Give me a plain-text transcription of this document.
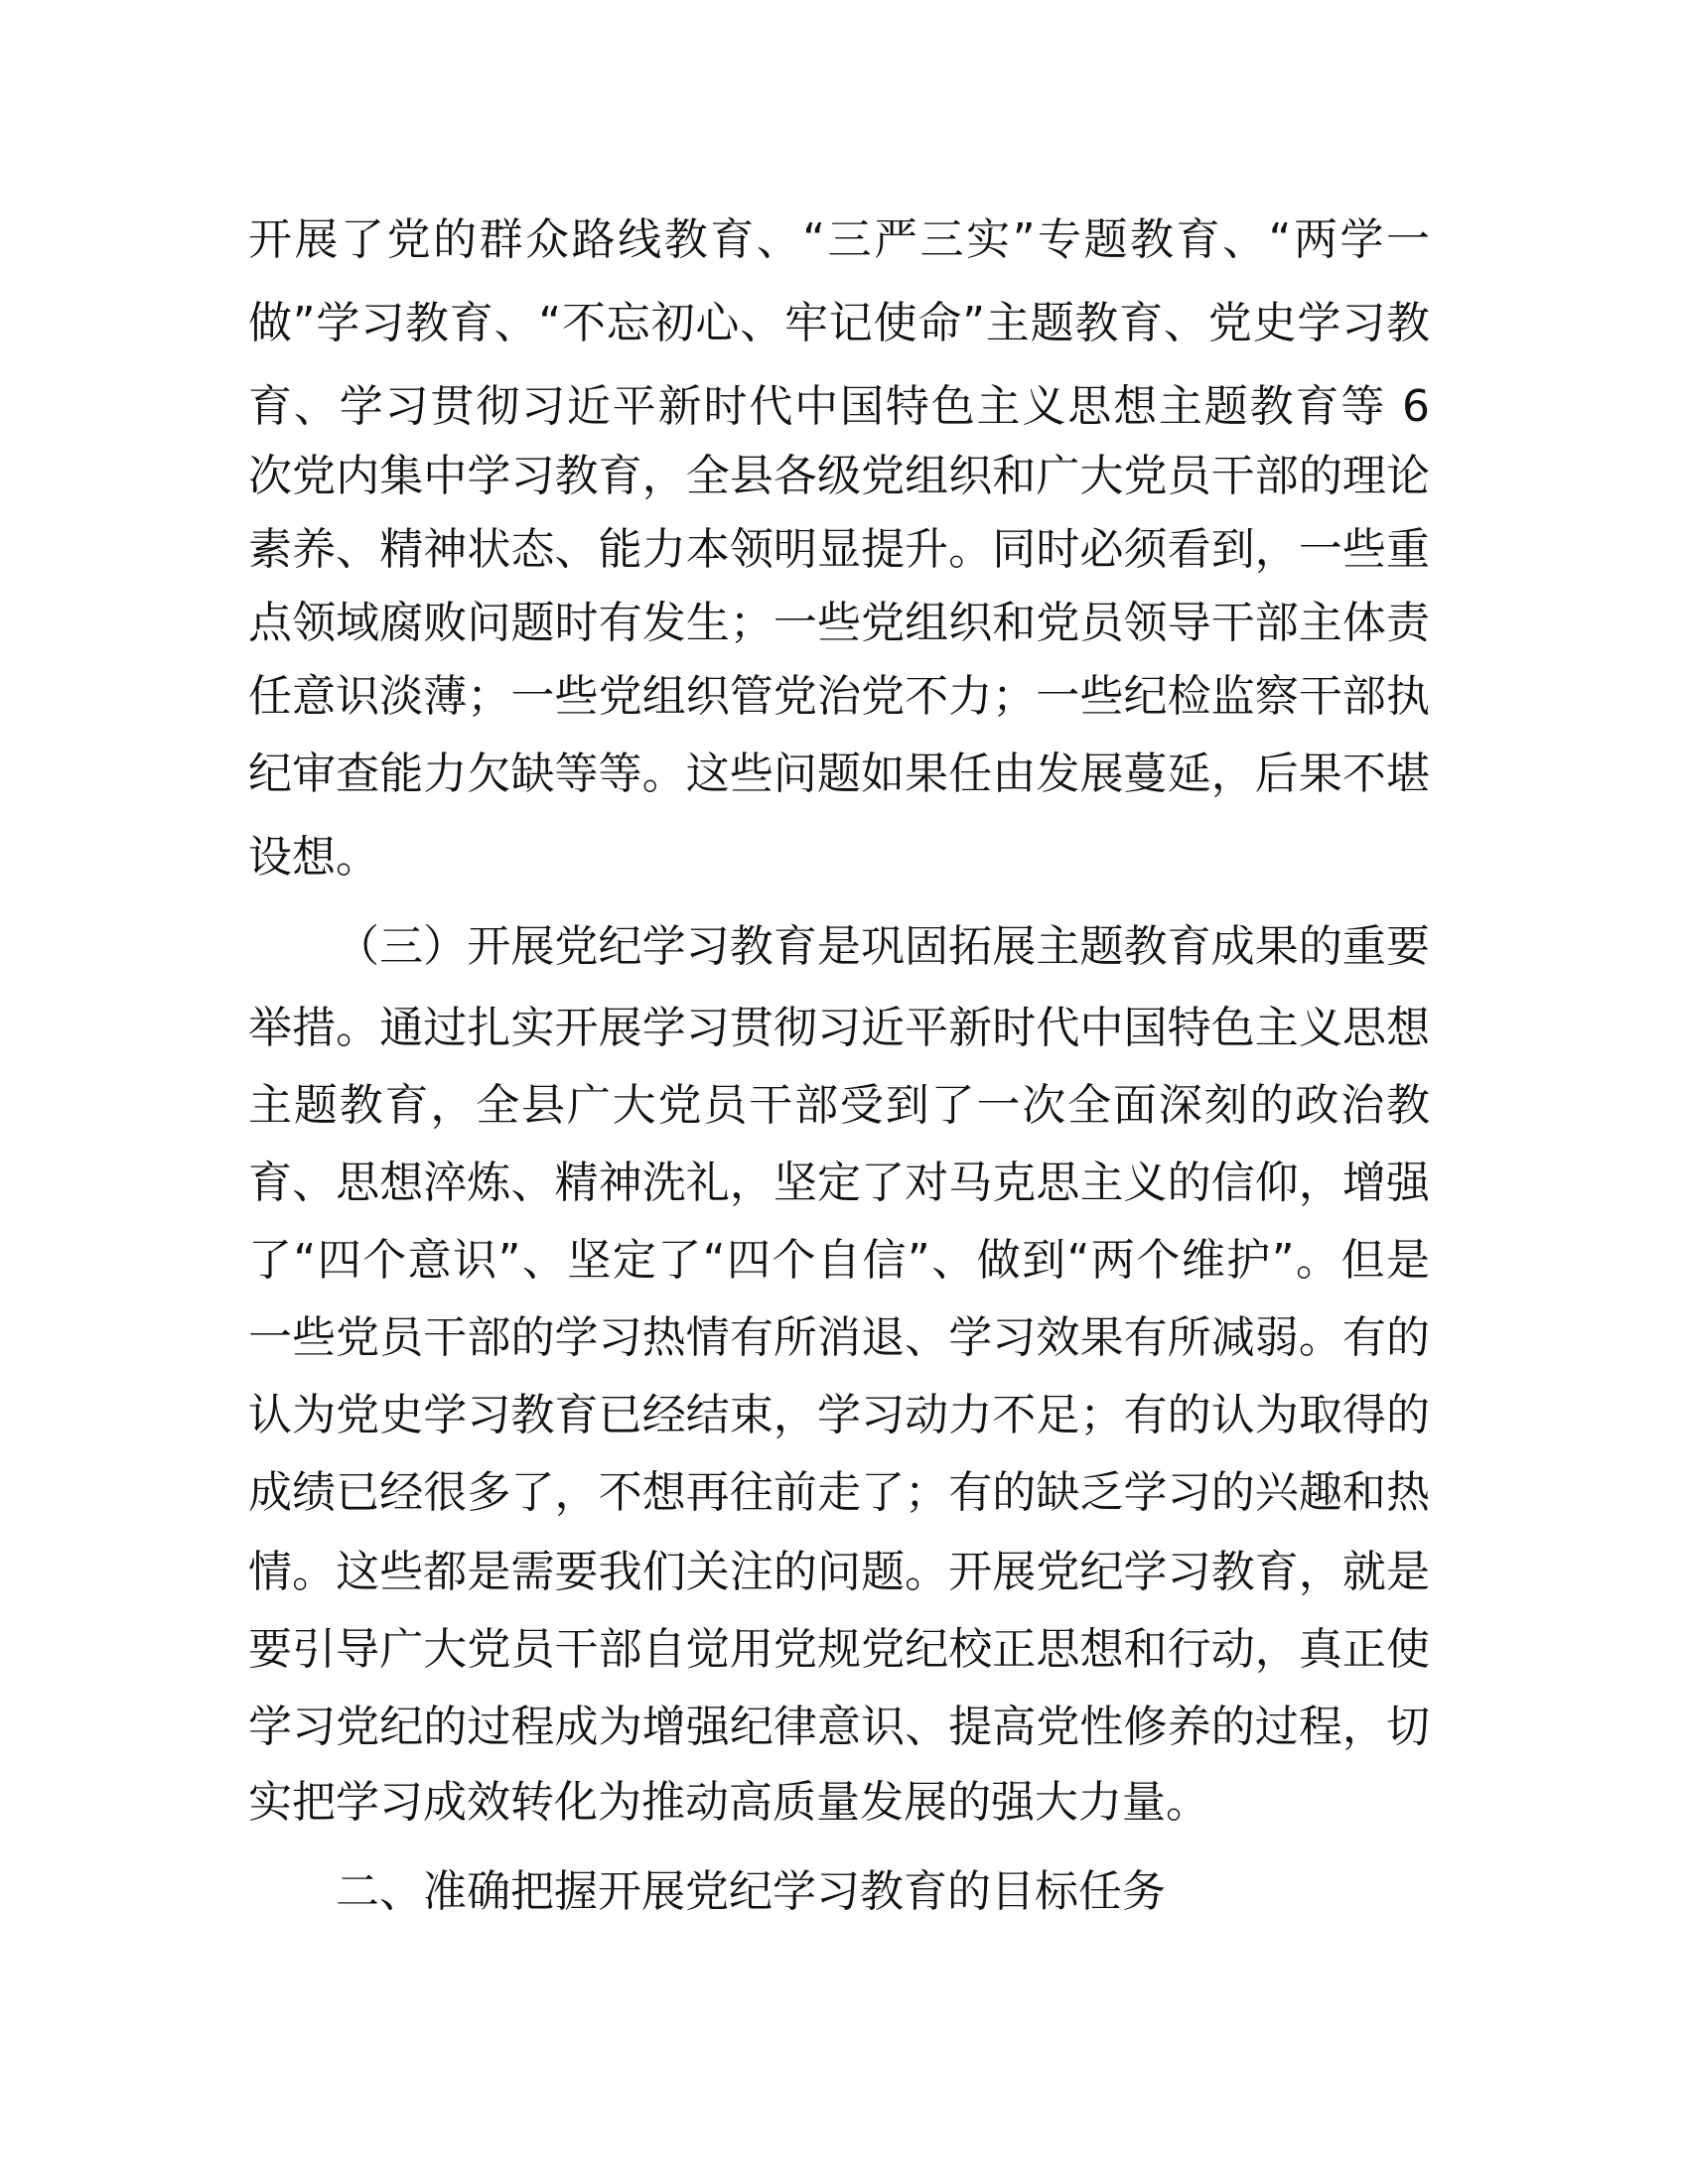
开展了党的群众路线教育、“三严三实”专题教育、“两学一
做”学习教育、“不忘初心、牢记使命”主题教育、党史学习教
育、学习贯彻习近平新时代中国特色主义思想主题教育等 6
次党内集中学习教育，全县各级党组织和广大党员干部的理论
素养、精神状态、能力本领明显提升。同时必须看到，一些重
点领域腐败问题时有发生；一些党组织和党员领导干部主体责
任意识淡薄；一些党组织管党治党不力；一些纪检监察干部执
纪审查能力欠缺等等。这些问题如果任由发展蔓延，后果不堪
设想。
（三）开展党纪学习教育是巩固拓展主题教育成果的重要
举措。通过扎实开展学习贯彻习近平新时代中国特色主义思想
主题教育，全县广大党员干部受到了一次全面深刻的政治教
育、思想淬炼、精神洗礼，坚定了对马克思主义的信仰，增强
了“四个意识”、坚定了“四个自信”、做到“两个维护”。但是
一些党员干部的学习热情有所消退、学习效果有所减弱。有的
认为党史学习教育已经结束，学习动力不足；有的认为取得的
成绩已经很多了，不想再往前走了；有的缺乏学习的兴趣和热
情。这些都是需要我们关注的问题。开展党纪学习教育，就是
要引导广大党员干部自觉用党规党纪校正思想和行动，真正使
学习党纪的过程成为增强纪律意识、提高党性修养的过程，切
实把学习成效转化为推动高质量发展的强大力量。
二、准确把握开展党纪学习教育的目标任务
